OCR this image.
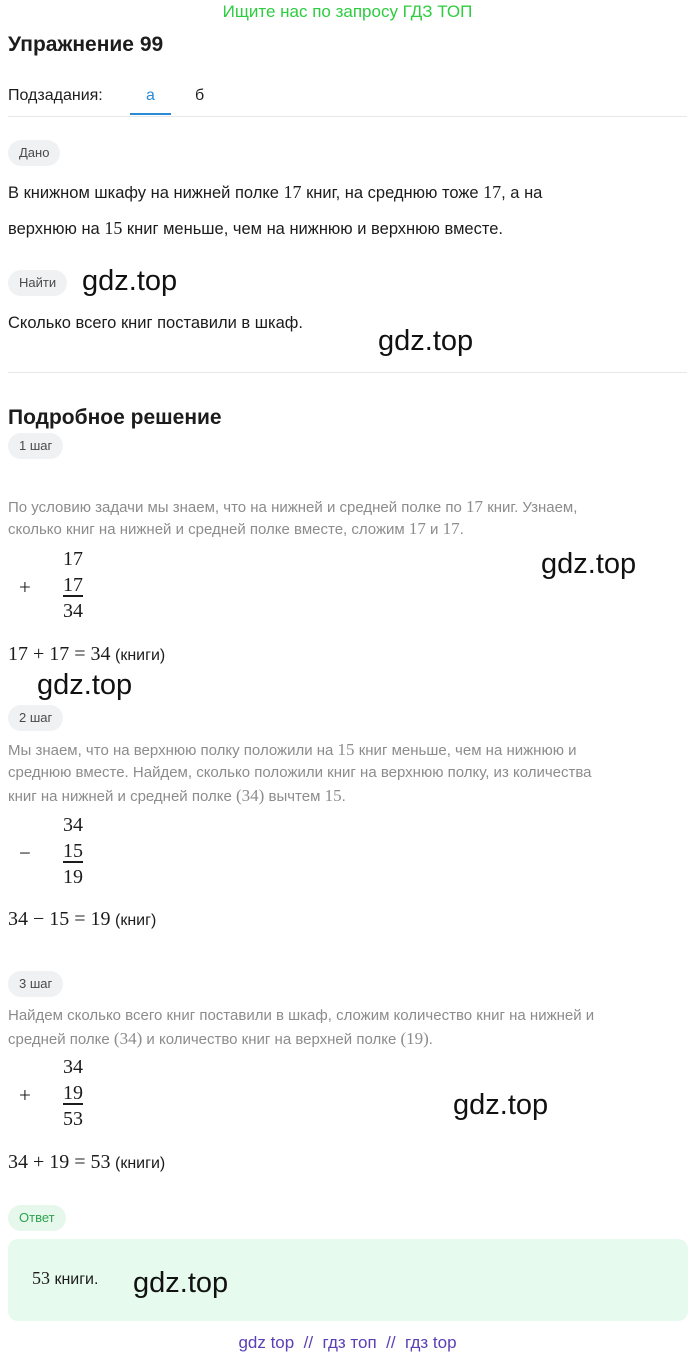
Ищите нас по запросу ГДЗ ТОП
Упражнение 99
Подзадания:	а	б
Дано
В книжном шкафу на нижней полке 17 книг, на среднюю тоже 17, а на
верхнюю на 15 книг меньше, чем на нижнюю и верхнюю вместе.
Найти gdz.top
Сколько всего книг поставили в шкаф.
gdz.top
Подробное решение
1 шаг
По условию задачи мы знаем, что на нижней и средней полке по 17 книг. Узнаем,
сколько книг на нижней и средней полке вместе, сложим 17 и 17.
17
+ 17
34
gdz.top
17 + 17 = 34 (книги)
gdz.top
2 шаг
Мы знаем, что на верхнюю полку положили на 15 книг меньше, чем на нижнюю и
среднюю вместе. Найдем, сколько положили книг на верхнюю полку, из количества
книг на нижней и средней полке (34) вычтем 15.
34
− 15
19
34 − 15 = 19 (книг)
3 шаг
Найдем сколько всего книг поставили в шкаф, сложим количество книг на нижней и
средней полке (34) и количество книг на верхней полке (19).
34
+ 19
53	gdz.top
34 + 19 = 53 (книги)
Ответ
53 книги. gdz.top
gdz top  //  гдз топ  //  гдз top
